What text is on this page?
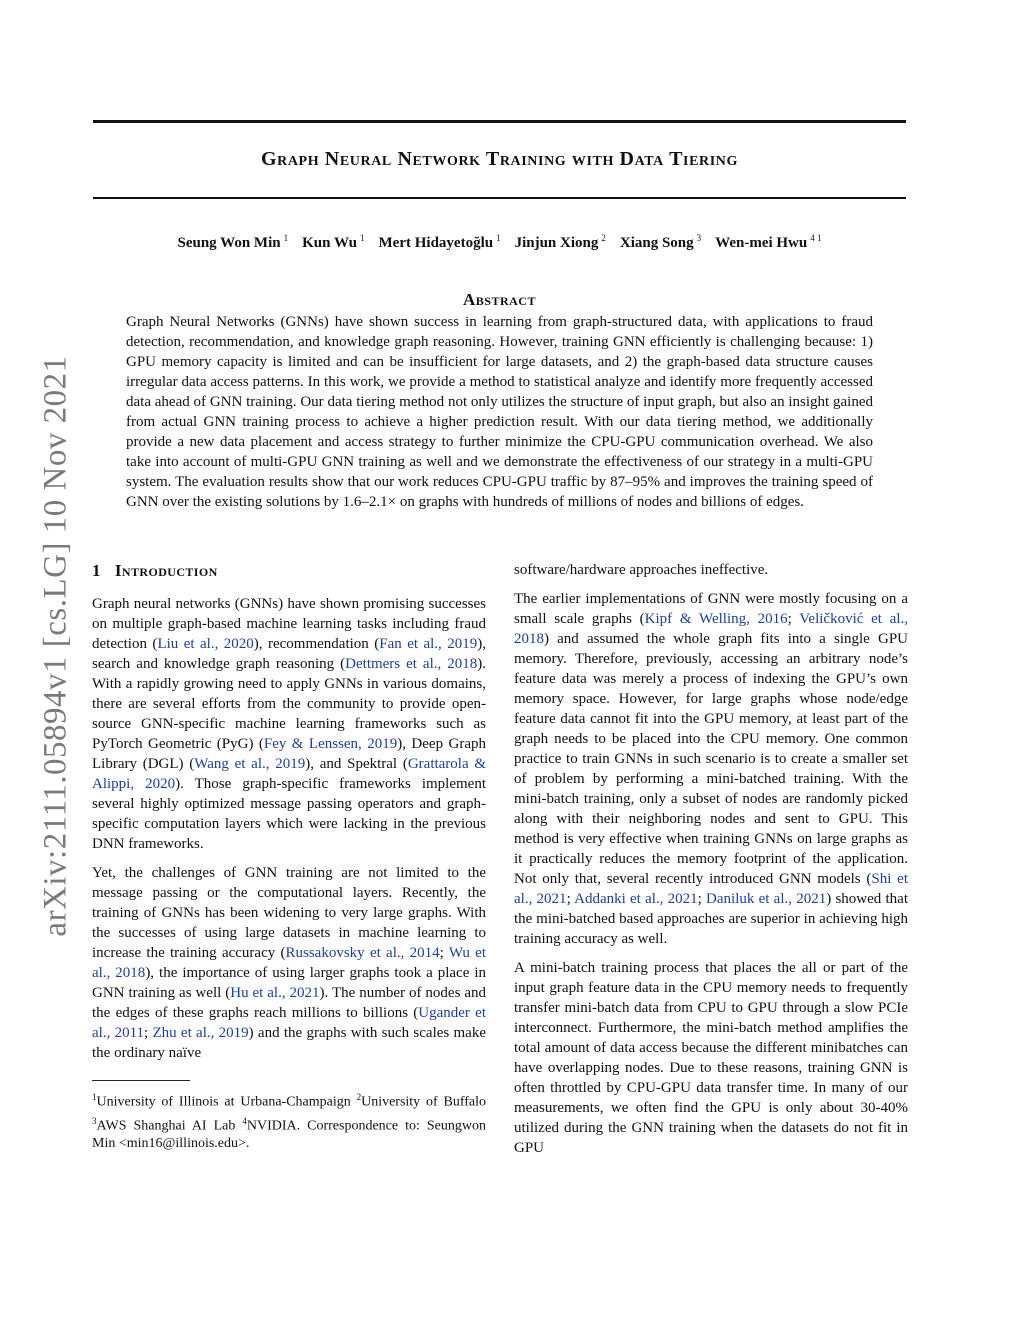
Graph Neural Network Training with Data Tiering
Seung Won Min $^1$ Kun Wu $^1$ Mert Hidayetoğlu $^1$ Jinjun Xiong $^2$ Xiang Song $^3$ Wen-mei Hwu $^{4 1}$
arXiv:2111.05894v1 [cs.LG] 10 Nov 2021
Abstract
Graph Neural Networks (GNNs) have shown success in learning from graph-structured data, with applications to fraud detection, recommendation, and knowledge graph reasoning. However, training GNN efficiently is challenging because: 1) GPU memory capacity is limited and can be insufficient for large datasets, and 2) the graph-based data structure causes irregular data access patterns. In this work, we provide a method to statistical analyze and identify more frequently accessed data ahead of GNN training. Our data tiering method not only utilizes the structure of input graph, but also an insight gained from actual GNN training process to achieve a higher prediction result. With our data tiering method, we additionally provide a new data placement and access strategy to further minimize the CPU-GPU communication overhead. We also take into account of multi-GPU GNN training as well and we demonstrate the effectiveness of our strategy in a multi-GPU system. The evaluation results show that our work reduces CPU-GPU traffic by 87–95% and improves the training speed of GNN over the existing solutions by 1.6–2.1× on graphs with hundreds of millions of nodes and billions of edges.
1 Introduction

Graph neural networks (GNNs) have shown promising successes on multiple graph-based machine learning tasks including fraud detection (Liu et al., 2020), recommendation (Fan et al., 2019), search and knowledge graph reasoning (Dettmers et al., 2018). With a rapidly growing need to apply GNNs in various domains, there are several efforts from the community to provide open-source GNN-specific machine learning frameworks such as PyTorch Geometric (PyG) (Fey & Lenssen, 2019), Deep Graph Library (DGL) (Wang et al., 2019), and Spektral (Grattarola & Alippi, 2020). Those graph-specific frameworks implement several highly optimized message passing operators and graph-specific computation layers which were lacking in the previous DNN frameworks.

Yet, the challenges of GNN training are not limited to the message passing or the computational layers. Recently, the training of GNNs has been widening to very large graphs. With the successes of using large datasets in machine learning to increase the training accuracy (Russakovsky et al., 2014; Wu et al., 2018), the importance of using larger graphs took a place in GNN training as well (Hu et al., 2021). The number of nodes and the edges of these graphs reach millions to billions (Ugander et al., 2011; Zhu et al., 2019) and the graphs with such scales make the ordinary naïve

$^1$University of Illinois at Urbana-Champaign $^2$University of Buffalo $^3$AWS Shanghai AI Lab $^4$NVIDIA. Correspondence to: Seungwon Min <min16@illinois.edu>.

software/hardware approaches ineffective.

The earlier implementations of GNN were mostly focusing on a small scale graphs (Kipf & Welling, 2016; Veličković et al., 2018) and assumed the whole graph fits into a single GPU memory. Therefore, previously, accessing an arbitrary node’s feature data was merely a process of indexing the GPU’s own memory space. However, for large graphs whose node/edge feature data cannot fit into the GPU memory, at least part of the graph needs to be placed into the CPU memory. One common practice to train GNNs in such scenario is to create a smaller set of problem by performing a mini-batched training. With the mini-batch training, only a subset of nodes are randomly picked along with their neighboring nodes and sent to GPU. This method is very effective when training GNNs on large graphs as it practically reduces the memory footprint of the application. Not only that, several recently introduced GNN models (Shi et al., 2021; Addanki et al., 2021; Daniluk et al., 2021) showed that the mini-batched based approaches are superior in achieving high training accuracy as well.

A mini-batch training process that places the all or part of the input graph feature data in the CPU memory needs to frequently transfer mini-batch data from CPU to GPU through a slow PCIe interconnect. Furthermore, the mini-batch method amplifies the total amount of data access because the different minibatches can have overlapping nodes. Due to these reasons, training GNN is often throttled by CPU-GPU data transfer time. In many of our measurements, we often find the GPU is only about 30-40% utilized during the GNN training when the datasets do not fit in GPU
